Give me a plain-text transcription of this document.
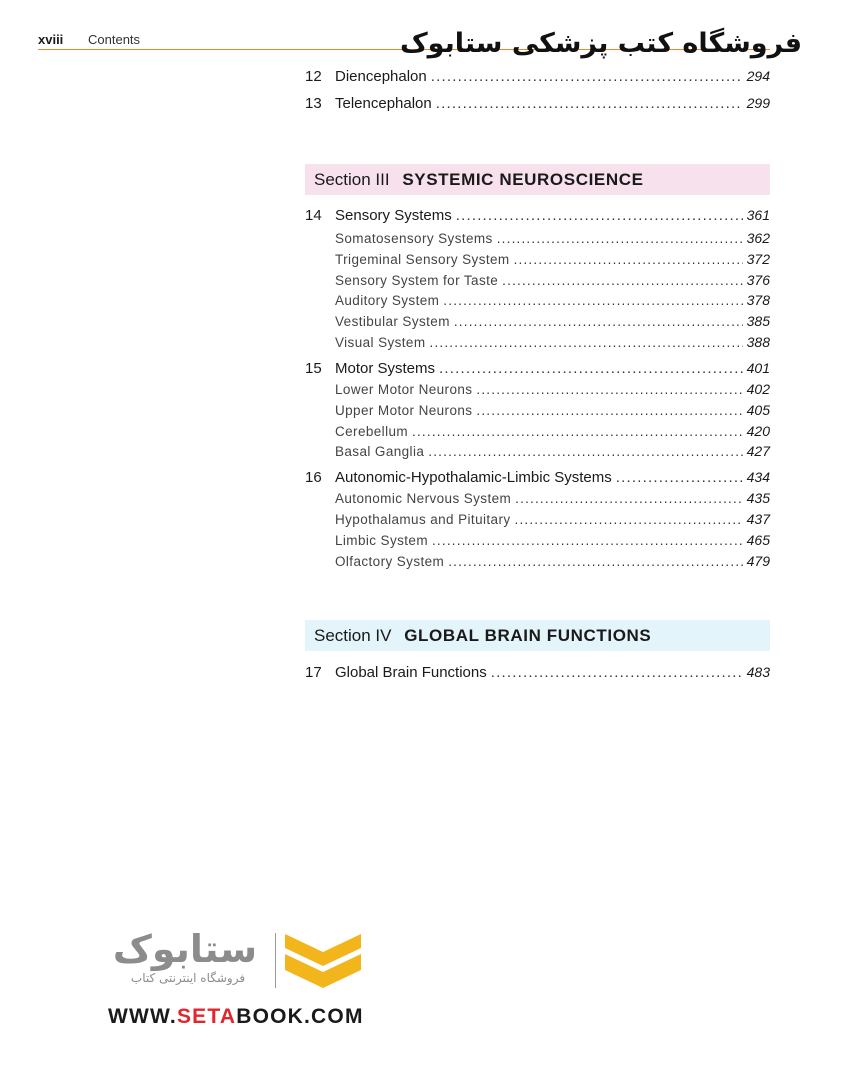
xviii Contents	فروشگاه کتب پزشکی ستابوک
12 Diencephalon .....	294
13 Telencephalon .....	299
Section III SYSTEMIC NEUROSCIENCE
14 Sensory Systems .....	361
Somatosensory Systems .....	362
Trigeminal Sensory System .....	372
Sensory System for Taste .....	376
Auditory System .....	378
Vestibular System .....	385
Visual System .....	388
15 Motor Systems .....	401
Lower Motor Neurons .....	402
Upper Motor Neurons .....	405
Cerebellum .....	420
Basal Ganglia .....	427
16 Autonomic-Hypothalamic-Limbic Systems .....	434
Autonomic Nervous System .....	435
Hypothalamus and Pituitary .....	437
Limbic System .....	465
Olfactory System .....	479
Section IV GLOBAL BRAIN FUNCTIONS
17 Global Brain Functions .....	483
ستابوک
فروشگاه اینترنتی کتاب
WWW.SETABOOK.COM
